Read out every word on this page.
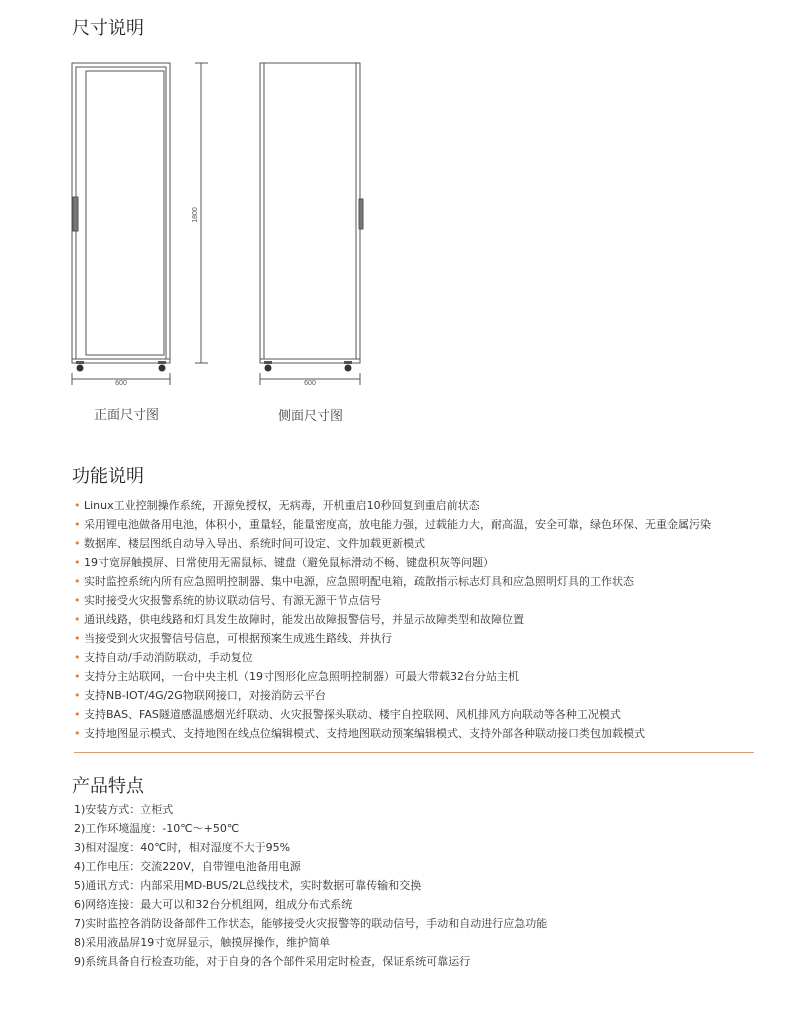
尺寸说明
1800
600
正面尺寸图
600
侧面尺寸图
功能说明
• Linux工业控制操作系统，开源免授权，无病毒，开机重启10秒回复到重启前状态
• 采用锂电池做备用电池，体积小，重量轻，能量密度高，放电能力强，过载能力大，耐高温，安全可靠，绿色环保、无重金属污染
• 数据库、楼层图纸自动导入导出、系统时间可设定、文件加载更新模式
• 19寸宽屏触摸屏、日常使用无需鼠标、键盘（避免鼠标滑动不畅、键盘积灰等问题）
• 实时监控系统内所有应急照明控制器、集中电源，应急照明配电箱，疏散指示标志灯具和应急照明灯具的工作状态
• 实时接受火灾报警系统的协议联动信号、有源无源干节点信号
• 通讯线路，供电线路和灯具发生故障时，能发出故障报警信号，并显示故障类型和故障位置
• 当接受到火灾报警信号信息，可根据预案生成逃生路线、并执行
• 支持自动/手动消防联动，手动复位
• 支持分主站联网，一台中央主机（19寸图形化应急照明控制器）可最大带载32台分站主机
• 支持NB-IOT/4G/2G物联网接口，对接消防云平台
• 支持BAS、FAS隧道感温感烟光纤联动、火灾报警探头联动、楼宇自控联网、风机排风方向联动等各种工况模式
• 支持地图显示模式、支持地图在线点位编辑模式、支持地图联动预案编辑模式、支持外部各种联动接口类包加载模式
产品特点
1)安装方式：立柜式
2)工作环境温度：-10℃～+50℃
3)相对湿度：40℃时，相对湿度不大于95%
4)工作电压：交流220V，自带锂电池备用电源
5)通讯方式：内部采用MD-BUS/2L总线技术，实时数据可靠传输和交换
6)网络连接：最大可以和32台分机组网，组成分布式系统
7)实时监控各消防设备部件工作状态，能够接受火灾报警等的联动信号，手动和自动进行应急功能
8)采用液晶屏19寸宽屏显示，触摸屏操作，维护简单
9)系统具备自行检查功能，对于自身的各个部件采用定时检查，保证系统可靠运行
